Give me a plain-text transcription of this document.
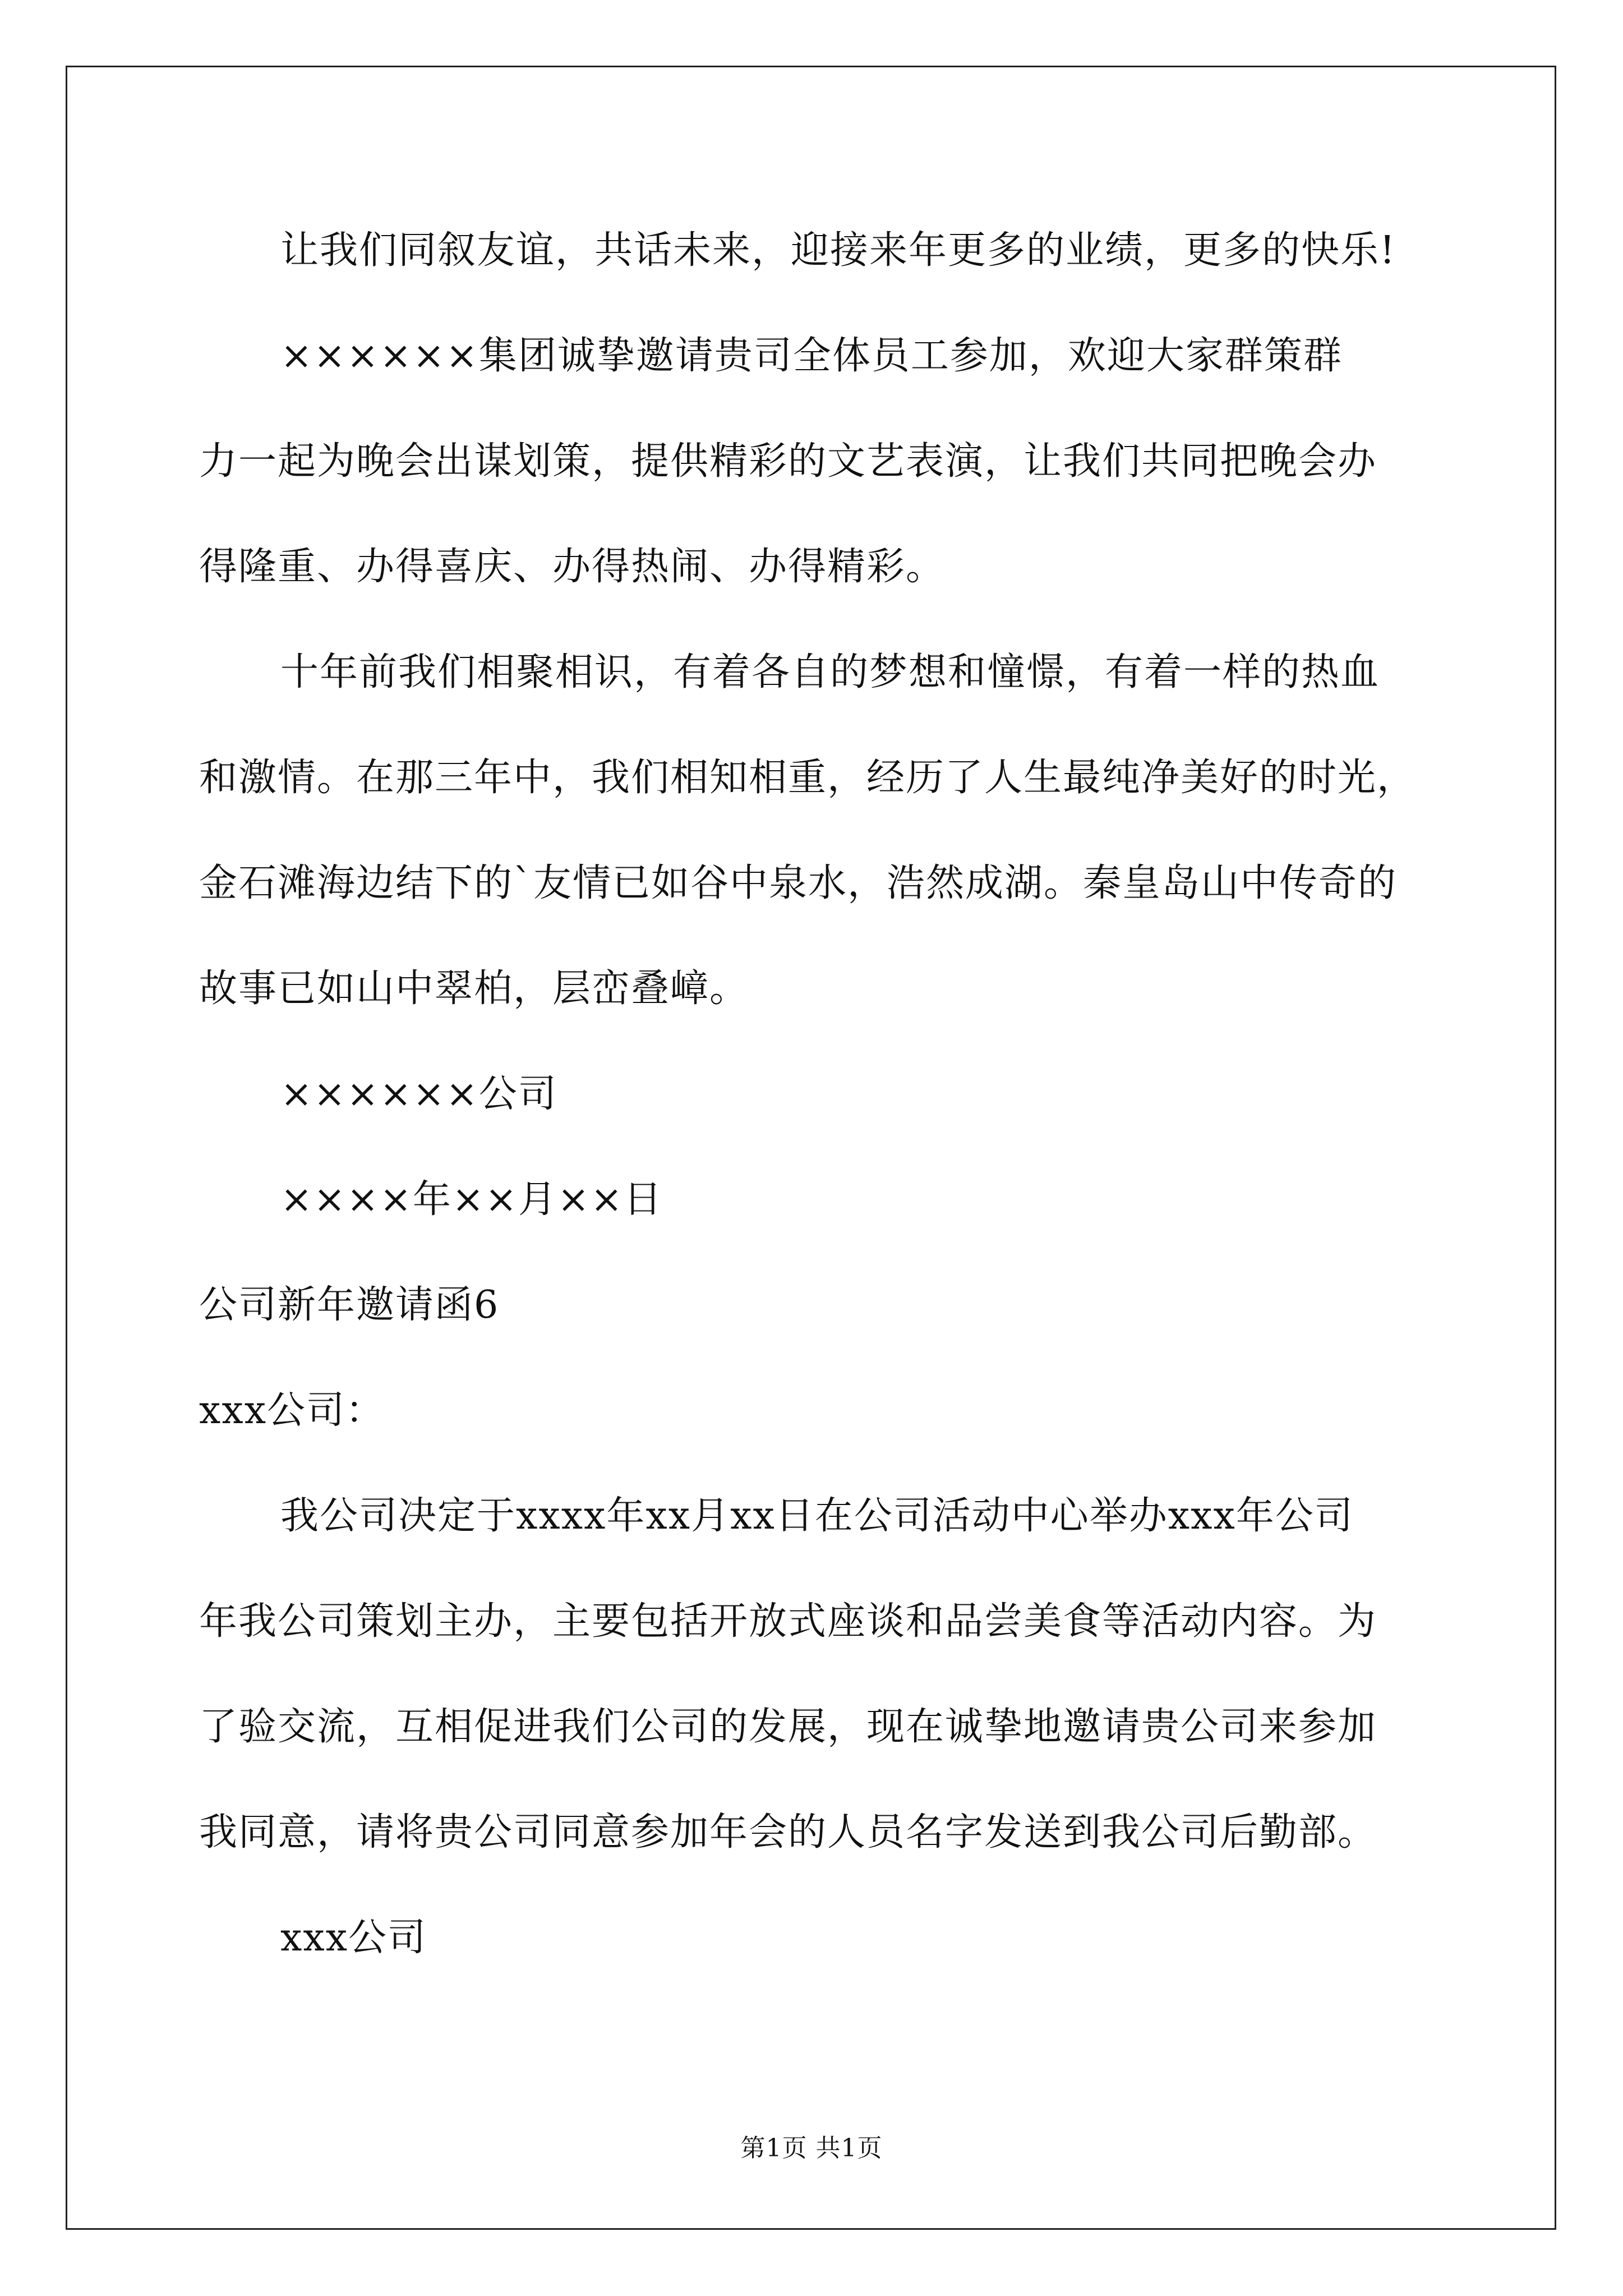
让我们同叙友谊，共话未来，迎接来年更多的业绩，更多的快乐!
××××××集团诚挚邀请贵司全体员工参加，欢迎大家群策群
力一起为晚会出谋划策，提供精彩的文艺表演，让我们共同把晚会办
得隆重、办得喜庆、办得热闹、办得精彩。
十年前我们相聚相识，有着各自的梦想和憧憬，有着一样的热血
和激情。在那三年中，我们相知相重，经历了人生最纯净美好的时光，
金石滩海边结下的`友情已如谷中泉水，浩然成湖。秦皇岛山中传奇的
故事已如山中翠柏，层峦叠嶂。
××××××公司
××××年××月××日
公司新年邀请函6
xxx公司：
我公司决定于xxxx年xx月xx日在公司活动中心举办xxx年公司
年我公司策划主办，主要包括开放式座谈和品尝美食等活动内容。为
了验交流，互相促进我们公司的发展，现在诚挚地邀请贵公司来参加
我同意，请将贵公司同意参加年会的人员名字发送到我公司后勤部。
xxx公司
第1页 共1页
